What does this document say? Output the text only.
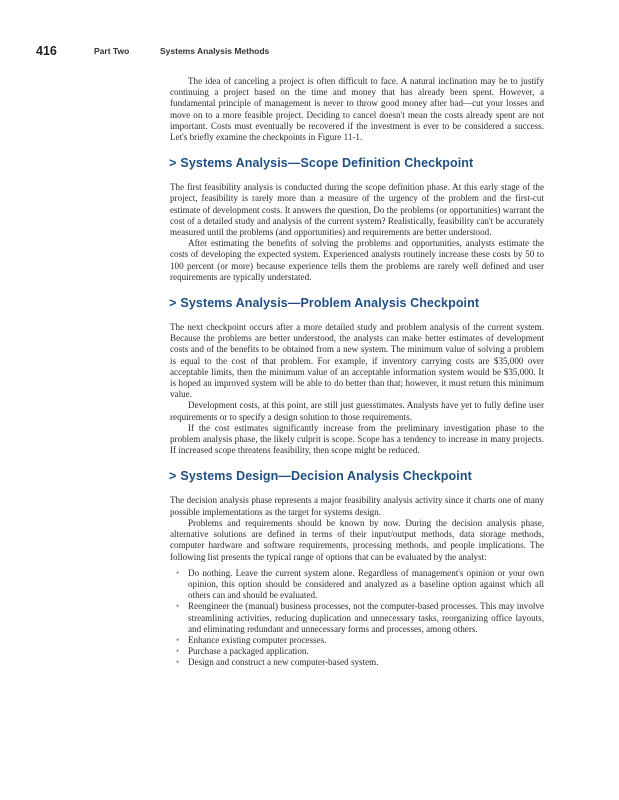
416	Part Two	Systems Analysis Methods

The idea of canceling a project is often difficult to face. A natural inclination may be to justify continuing a project based on the time and money that has already been spent. However, a fundamental principle of management is never to throw good money after bad—cut your losses and move on to a more feasible project. Deciding to cancel doesn't mean the costs already spent are not important. Costs must eventually be recovered if the investment is ever to be considered a success. Let's briefly examine the checkpoints in Figure 11-1.

> Systems Analysis—Scope Definition Checkpoint

The first feasibility analysis is conducted during the scope definition phase. At this early stage of the project, feasibility is rarely more than a measure of the urgency of the problem and the first-cut estimate of development costs. It answers the question, Do the problems (or opportunities) warrant the cost of a detailed study and analysis of the current system? Realistically, feasibility can't be accurately measured until the problems (and opportunities) and requirements are better understood.

After estimating the benefits of solving the problems and opportunities, analysts estimate the costs of developing the expected system. Experienced analysts routinely increase these costs by 50 to 100 percent (or more) because experience tells them the problems are rarely well defined and user requirements are typically understated.

> Systems Analysis—Problem Analysis Checkpoint

The next checkpoint occurs after a more detailed study and problem analysis of the current system. Because the problems are better understood, the analysts can make better estimates of development costs and of the benefits to be obtained from a new system. The minimum value of solving a problem is equal to the cost of that problem. For example, if inventory carrying costs are $35,000 over acceptable limits, then the minimum value of an acceptable information system would be $35,000. It is hoped an improved system will be able to do better than that; however, it must return this minimum value.

Development costs, at this point, are still just guesstimates. Analysts have yet to fully define user requirements or to specify a design solution to those requirements.

If the cost estimates significantly increase from the preliminary investigation phase to the problem analysis phase, the likely culprit is scope. Scope has a tendency to increase in many projects. If increased scope threatens feasibility, then scope might be reduced.

> Systems Design—Decision Analysis Checkpoint

The decision analysis phase represents a major feasibility analysis activity since it charts one of many possible implementations as the target for systems design.

Problems and requirements should be known by now. During the decision analysis phase, alternative solutions are defined in terms of their input/output methods, data storage methods, computer hardware and software requirements, processing methods, and people implications. The following list presents the typical range of options that can be evaluated by the analyst:

• Do nothing. Leave the current system alone. Regardless of management's opinion or your own opinion, this option should be considered and analyzed as a baseline option against which all others can and should be evaluated.
• Reengineer the (manual) business processes, not the computer-based processes. This may involve streamlining activities, reducing duplication and unnecessary tasks, reorganizing office layouts, and eliminating redundant and unnecessary forms and processes, among others.
• Enhance existing computer processes.
• Purchase a packaged application.
• Design and construct a new computer-based system.
